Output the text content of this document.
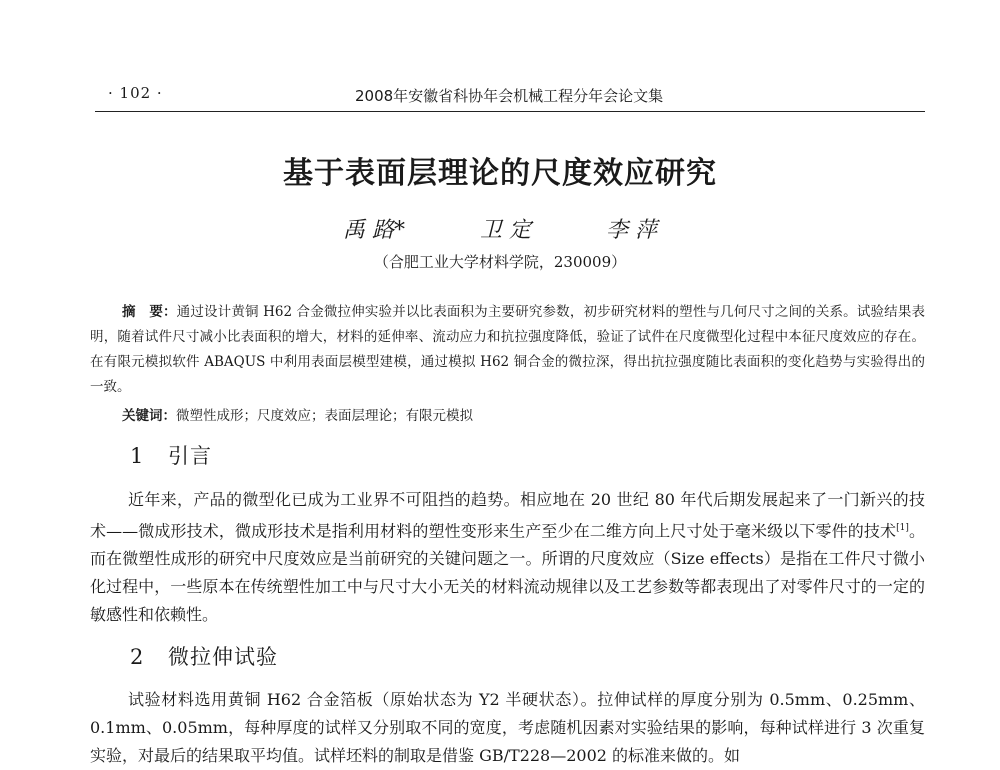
· 102 ·	2008年安徽省科协年会机械工程分年会论文集
基于表面层理论的尺度效应研究
禹 路*	卫 定	李 萍
（合肥工业大学材料学院，230009）
摘　要：通过设计黄铜 H62 合金微拉伸实验并以比表面积为主要研究参数，初步研究材料的塑性与几何尺寸之间的关系。试验结果表明，随着试件尺寸减小比表面积的增大，材料的延伸率、流动应力和抗拉强度降低，验证了试件在尺度微型化过程中本征尺度效应的存在。在有限元模拟软件 ABAQUS 中利用表面层模型建模，通过模拟 H62 铜合金的微拉深，得出抗拉强度随比表面积的变化趋势与实验得出的一致。
关键词：微塑性成形；尺度效应；表面层理论；有限元模拟
1 引言

近年来，产品的微型化已成为工业界不可阻挡的趋势。相应地在 20 世纪 80 年代后期发展起来了一门新兴的技术——微成形技术，微成形技术是指利用材料的塑性变形来生产至少在二维方向上尺寸处于毫米级以下零件的技术[1]。而在微塑性成形的研究中尺度效应是当前研究的关键问题之一。所谓的尺度效应（Size effects）是指在工件尺寸微小化过程中，一些原本在传统塑性加工中与尺寸大小无关的材料流动规律以及工艺参数等都表现出了对零件尺寸的一定的敏感性和依赖性。

2 微拉伸试验

试验材料选用黄铜 H62 合金箔板（原始状态为 Y2 半硬状态）。拉伸试样的厚度分别为 0.5mm、0.25mm、0.1mm、0.05mm，每种厚度的试样又分别取不同的宽度，考虑随机因素对实验结果的影响，每种试样进行 3 次重复实验，对最后的结果取平均值。试样坯料的制取是借鉴 GB/T228—2002 的标准来做的。如
